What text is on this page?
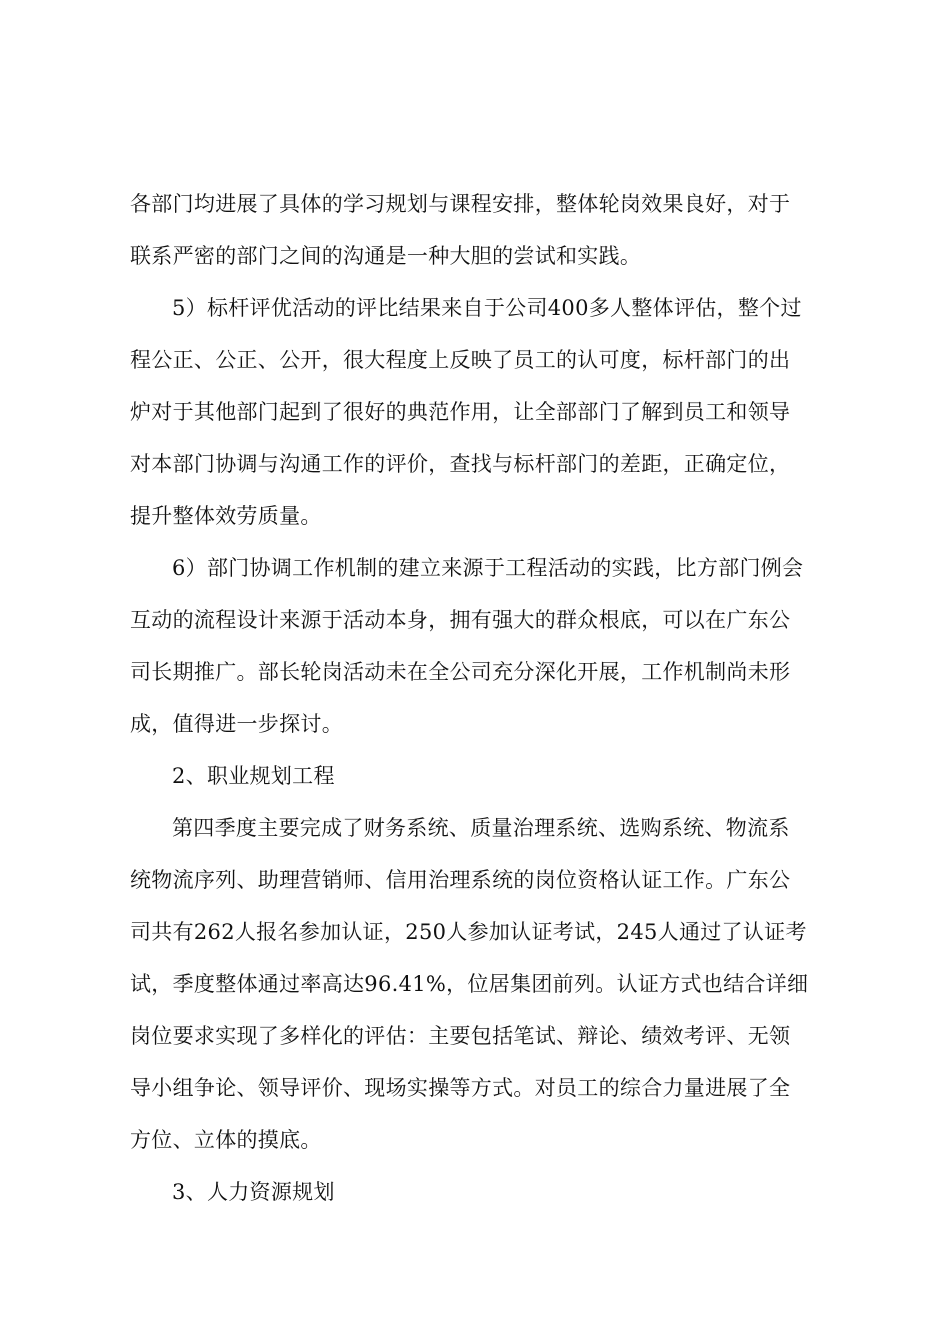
各部门均进展了具体的学习规划与课程安排，整体轮岗效果良好，对于
联系严密的部门之间的沟通是一种大胆的尝试和实践。
5）标杆评优活动的评比结果来自于公司400多人整体评估，整个过
程公正、公正、公开，很大程度上反映了员工的认可度，标杆部门的出
炉对于其他部门起到了很好的典范作用，让全部部门了解到员工和领导
对本部门协调与沟通工作的评价，查找与标杆部门的差距，正确定位，
提升整体效劳质量。
6）部门协调工作机制的建立来源于工程活动的实践，比方部门例会
互动的流程设计来源于活动本身，拥有强大的群众根底，可以在广东公
司长期推广。部长轮岗活动未在全公司充分深化开展，工作机制尚未形
成，值得进一步探讨。
2、职业规划工程
第四季度主要完成了财务系统、质量治理系统、选购系统、物流系
统物流序列、助理营销师、信用治理系统的岗位资格认证工作。广东公
司共有262人报名参加认证，250人参加认证考试，245人通过了认证考
试，季度整体通过率高达96.41%，位居集团前列。认证方式也结合详细
岗位要求实现了多样化的评估：主要包括笔试、辩论、绩效考评、无领
导小组争论、领导评价、现场实操等方式。对员工的综合力量进展了全
方位、立体的摸底。
3、人力资源规划
